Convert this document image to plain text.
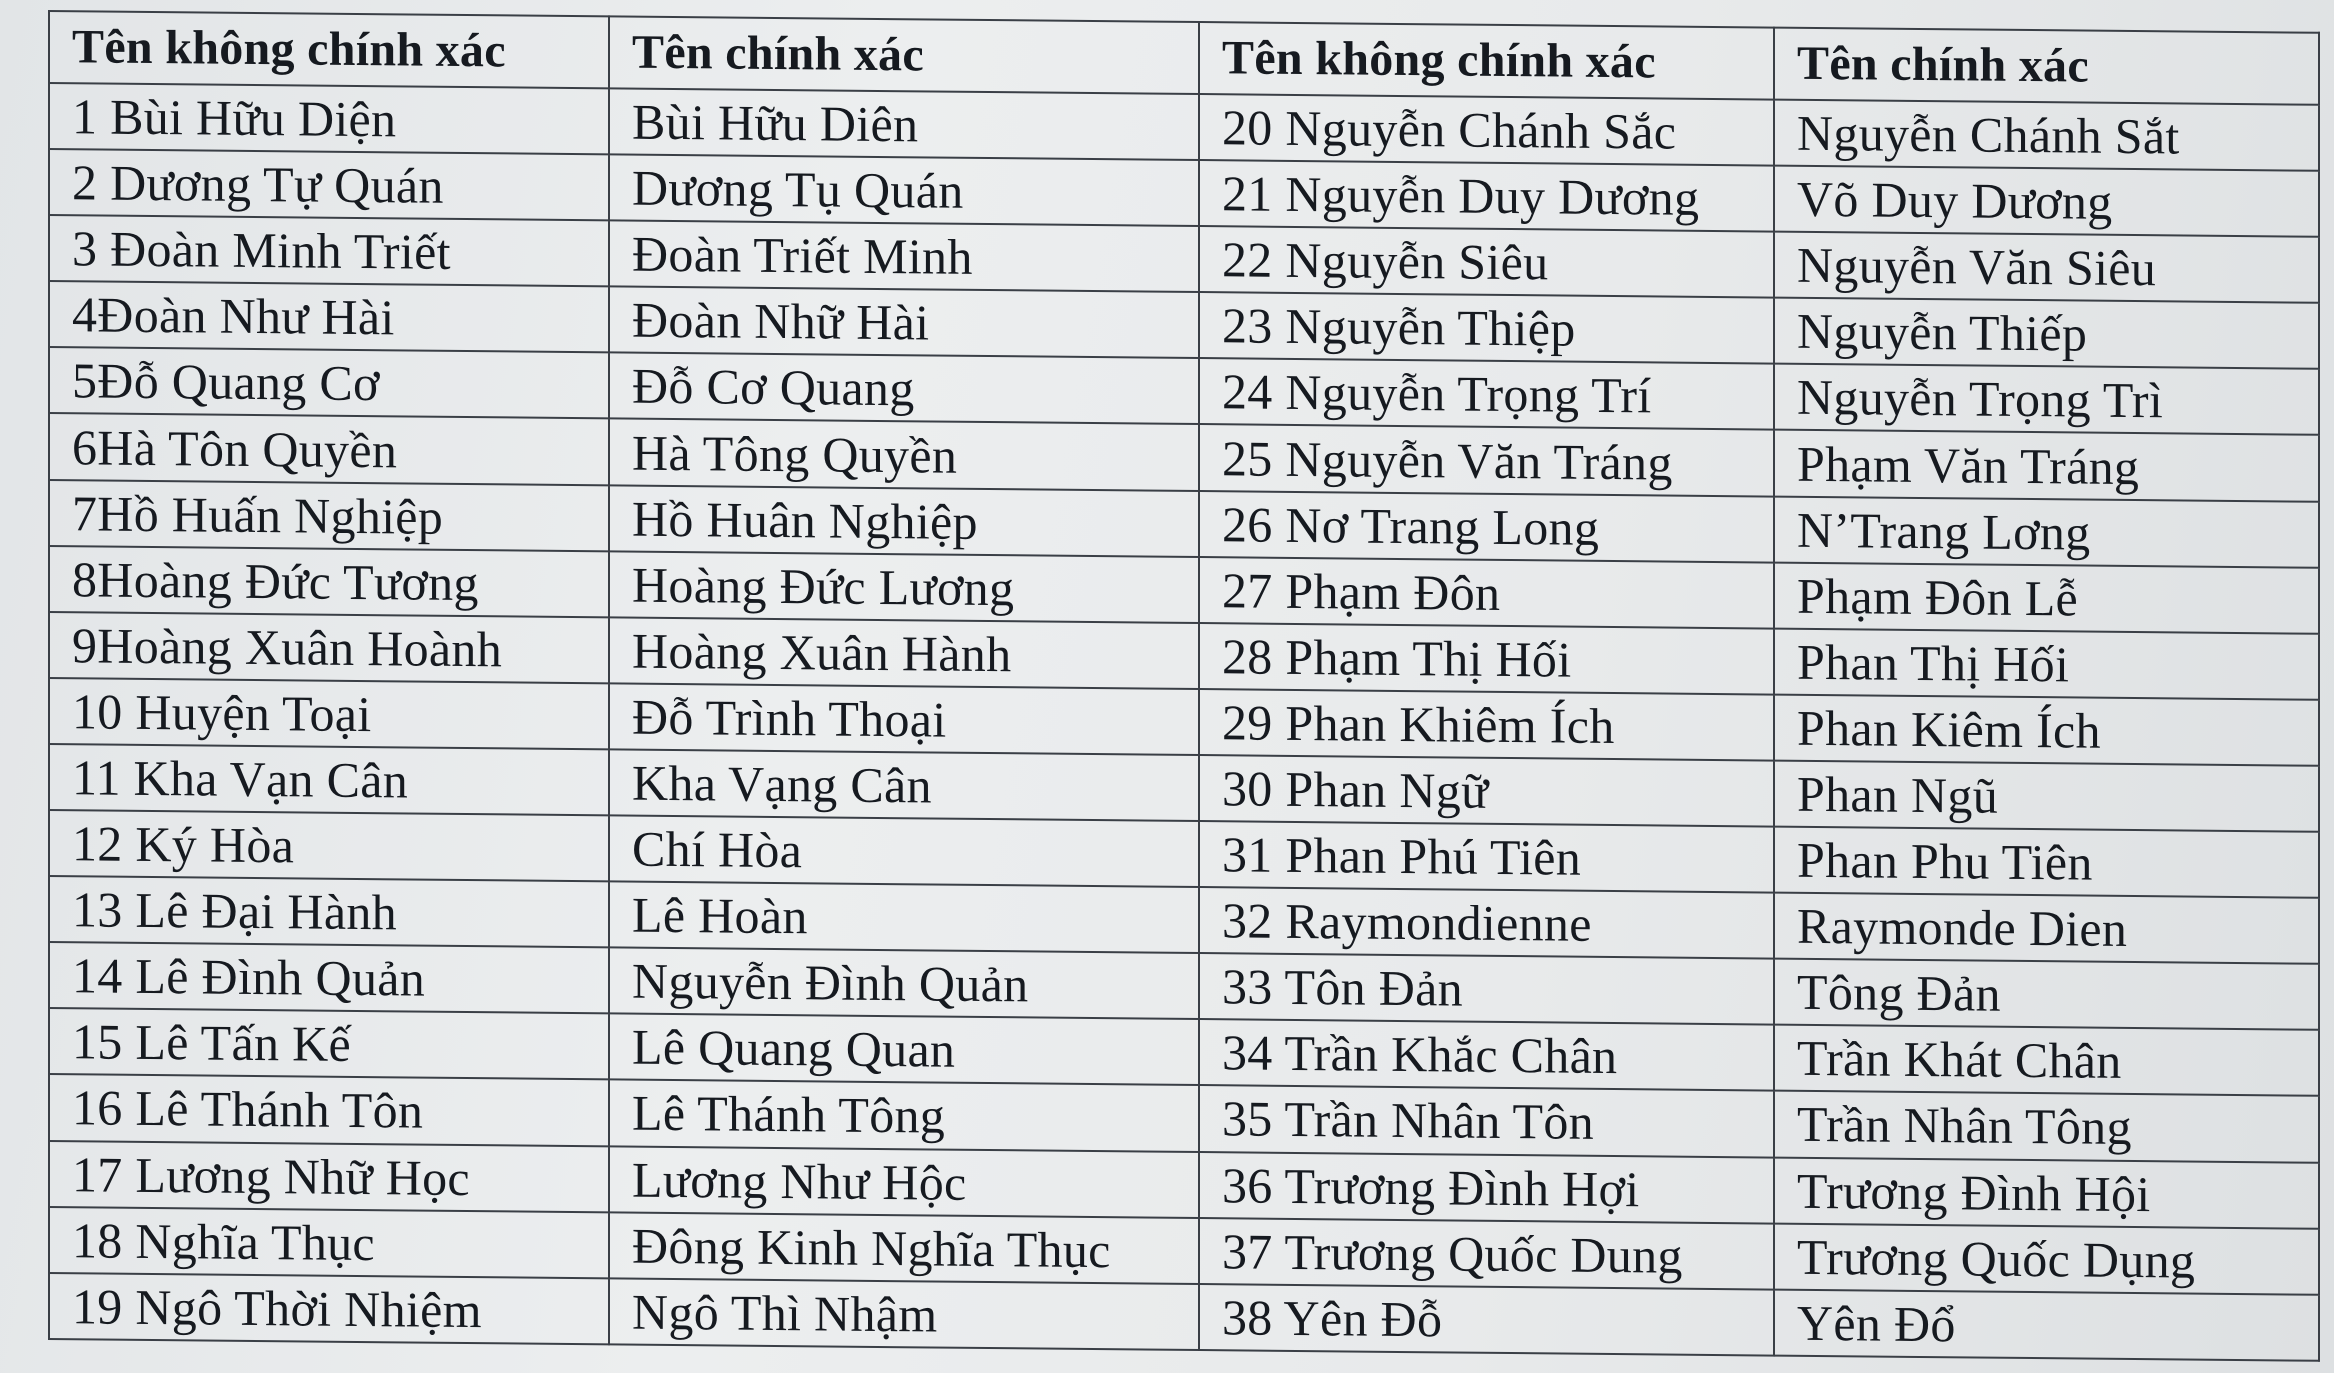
Tên không chính xác	Tên chính xác	Tên không chính xác	Tên chính xác
1 Bùi Hữu Diện	Bùi Hữu Diên	20 Nguyễn Chánh Sắc	Nguyễn Chánh Sắt
2 Dương Tự Quán	Dương Tụ Quán	21 Nguyễn Duy Dương	Võ Duy Dương
3 Đoàn Minh Triết	Đoàn Triết Minh	22 Nguyễn Siêu	Nguyễn Văn Siêu
4Đoàn Như Hài	Đoàn Nhữ Hài	23 Nguyễn Thiệp	Nguyễn Thiếp
5Đỗ Quang Cơ	Đỗ Cơ Quang	24 Nguyễn Trọng Trí	Nguyễn Trọng Trì
6Hà Tôn Quyền	Hà Tông Quyền	25 Nguyễn Văn Tráng	Phạm Văn Tráng
7Hồ Huấn Nghiệp	Hồ Huân Nghiệp	26 Nơ Trang Long	N’Trang Lơng
8Hoàng Đức Tương	Hoàng Đức Lương	27 Phạm Đôn	Phạm Đôn Lễ
9Hoàng Xuân Hoành	Hoàng Xuân Hành	28 Phạm Thị Hối	Phan Thị Hối
10 Huyện Toại	Đỗ Trình Thoại	29 Phan Khiêm Ích	Phan Kiêm Ích
11 Kha Vạn Cân	Kha Vạng Cân	30 Phan Ngữ	Phan Ngũ
12 Ký Hòa	Chí Hòa	31 Phan Phú Tiên	Phan Phu Tiên
13 Lê Đại Hành	Lê Hoàn	32 Raymondienne	Raymonde Dien
14 Lê Đình Quản	Nguyễn Đình Quản	33 Tôn Đản	Tông Đản
15 Lê Tấn Kế	Lê Quang Quan	34 Trần Khắc Chân	Trần Khát Chân
16 Lê Thánh Tôn	Lê Thánh Tông	35 Trần Nhân Tôn	Trần Nhân Tông
17 Lương Nhữ Học	Lương Như Hộc	36 Trương Đình Hợi	Trương Đình Hội
18 Nghĩa Thục	Đông Kinh Nghĩa Thục	37 Trương Quốc Dung	Trương Quốc Dụng
19 Ngô Thời Nhiệm	Ngô Thì Nhậm	38 Yên Đỗ	Yên Đổ
